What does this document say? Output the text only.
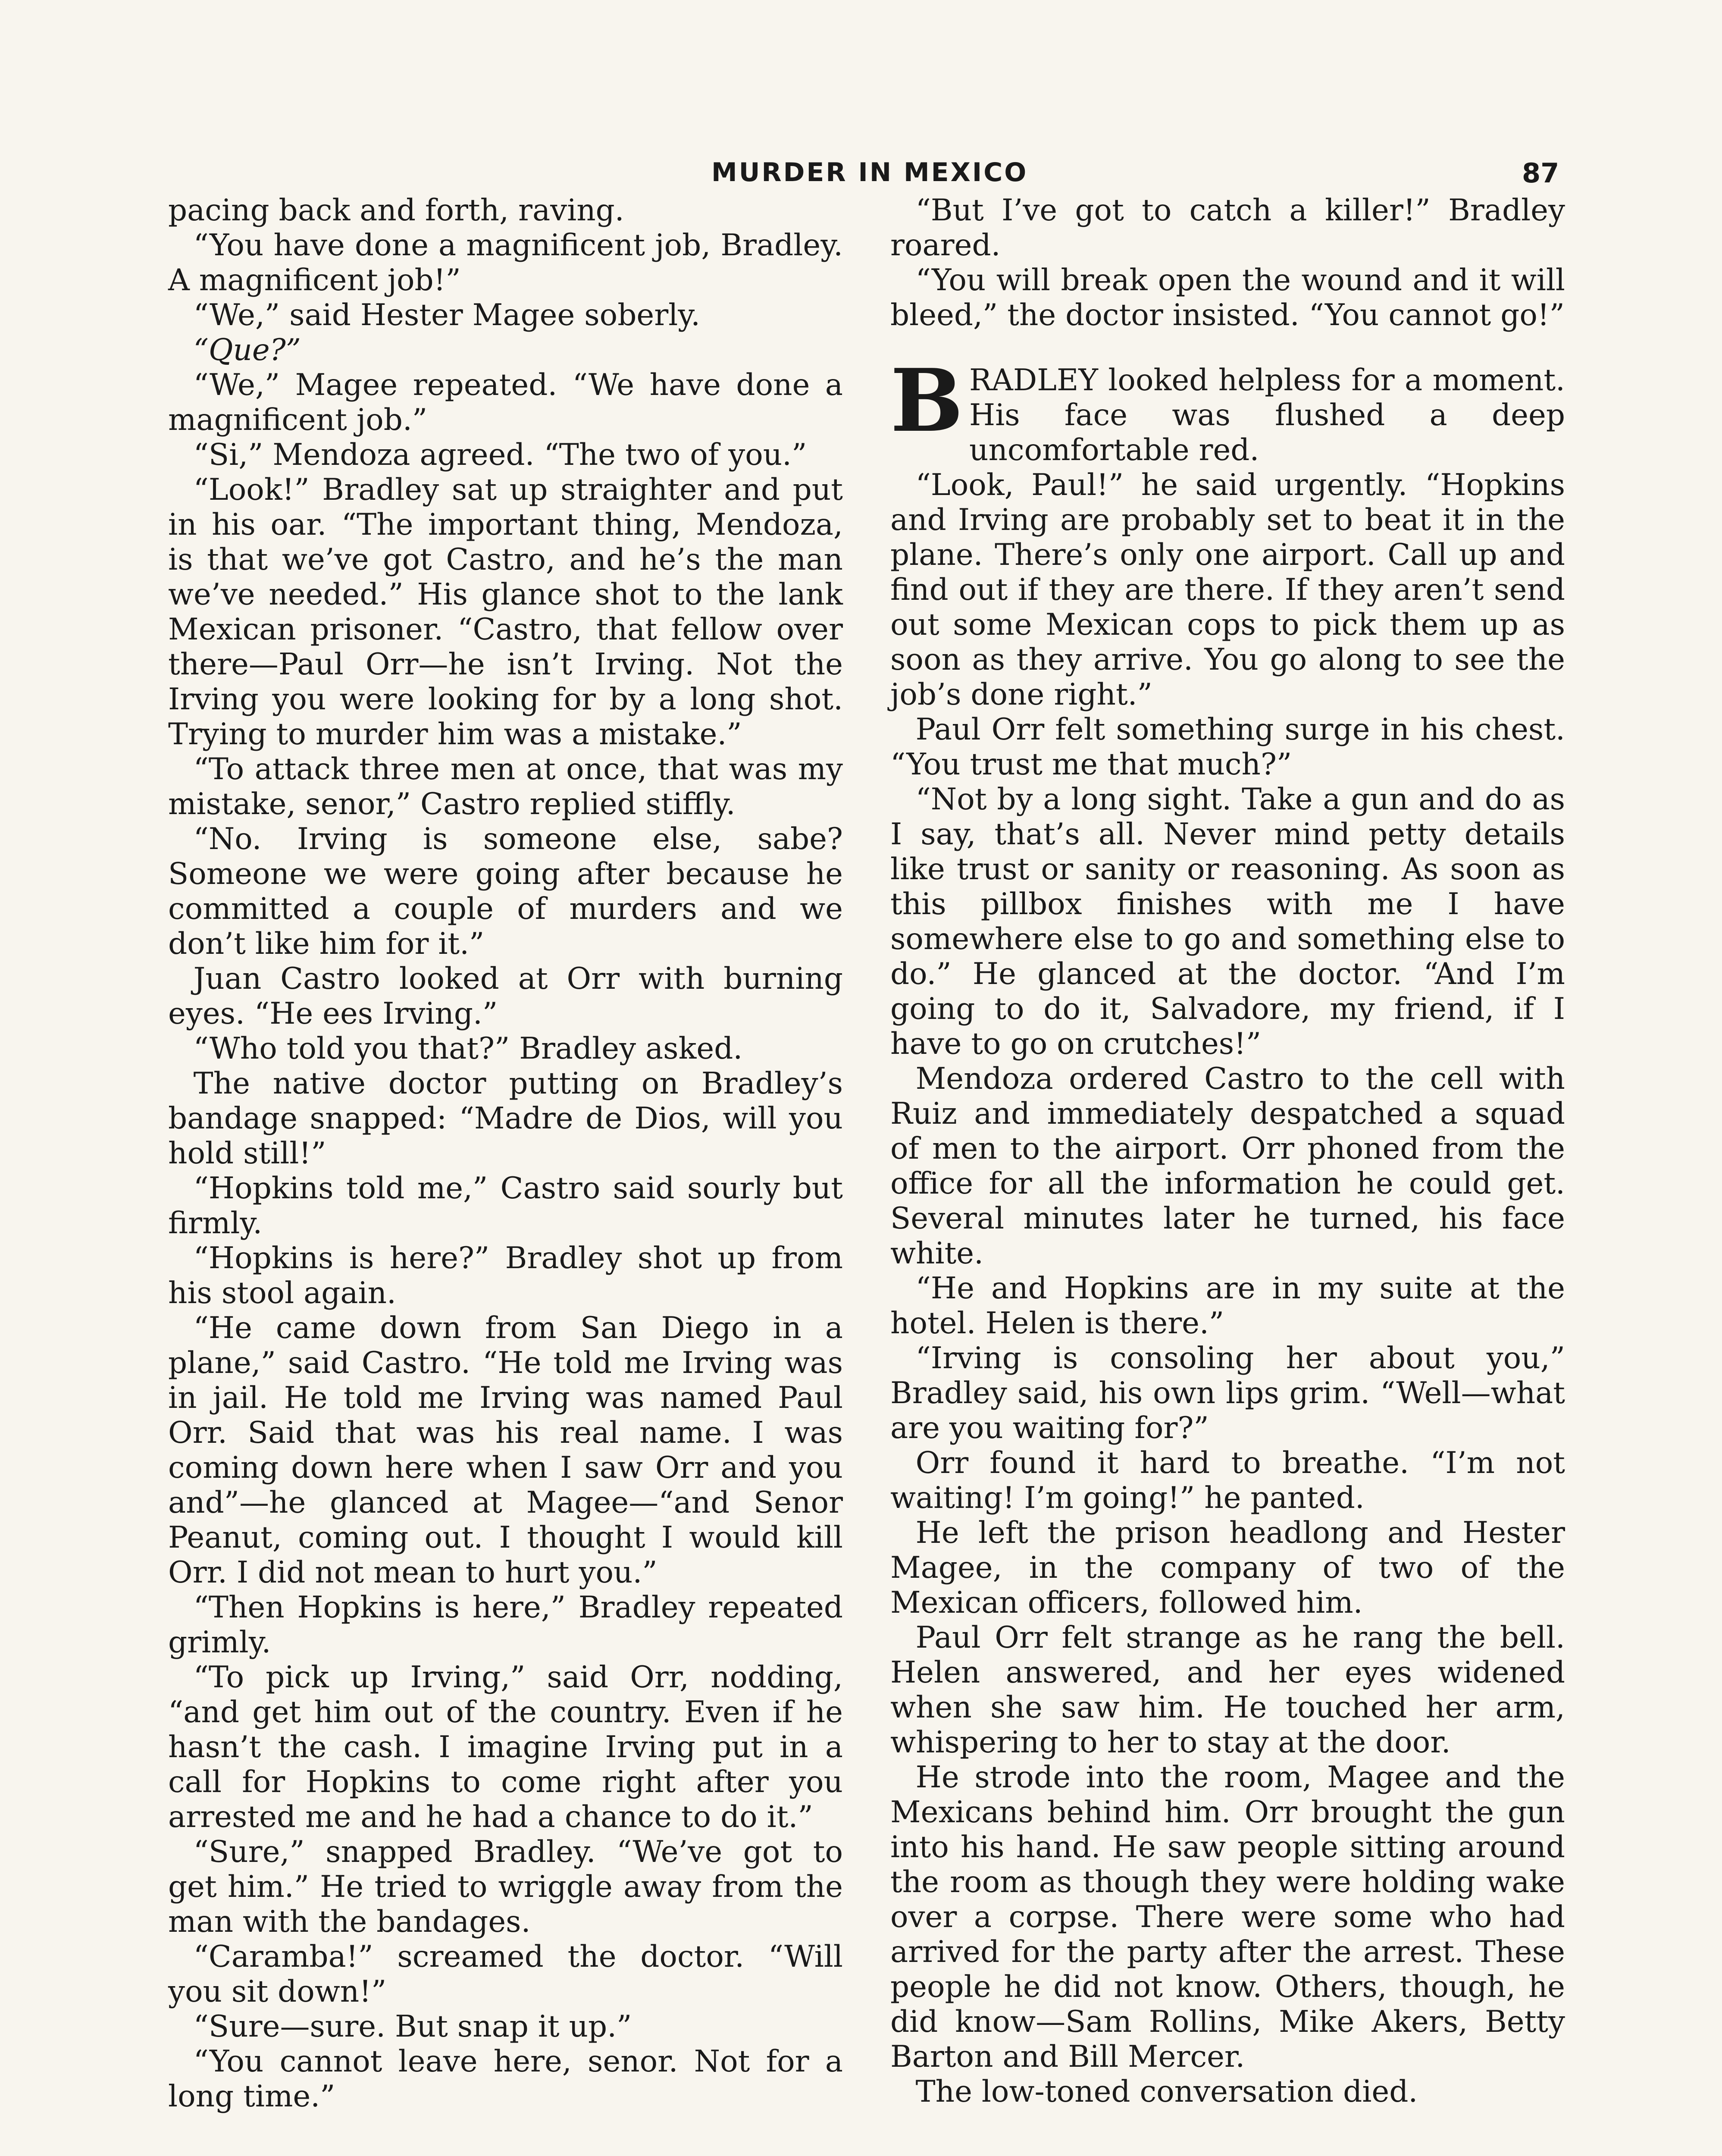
MURDER IN MEXICO	87

pacing back and forth, raving.

“You have done a magnificent job, Bradley. A magnificent job!”

“We,” said Hester Magee soberly.

“Que?”

“We,” Magee repeated. “We have done a magnificent job.”

“Si,” Mendoza agreed. “The two of you.”

“Look!” Bradley sat up straighter and put in his oar. “The important thing, Mendoza, is that we’ve got Castro, and he’s the man we’ve needed.” His glance shot to the lank Mexican prisoner. “Castro, that fellow over there—Paul Orr—he isn’t Irving. Not the Irving you were looking for by a long shot. Trying to murder him was a mistake.”

“To attack three men at once, that was my mistake, senor,” Castro replied stiffly.

“No. Irving is someone else, sabe? Someone we were going after because he committed a couple of murders and we don’t like him for it.”

Juan Castro looked at Orr with burning eyes. “He ees Irving.”

“Who told you that?” Bradley asked.

The native doctor putting on Bradley’s bandage snapped: “Madre de Dios, will you hold still!”

“Hopkins told me,” Castro said sourly but firmly.

“Hopkins is here?” Bradley shot up from his stool again.

“He came down from San Diego in a plane,” said Castro. “He told me Irving was in jail. He told me Irving was named Paul Orr. Said that was his real name. I was coming down here when I saw Orr and you and”—he glanced at Magee—“and Senor Peanut, coming out. I thought I would kill Orr. I did not mean to hurt you.”

“Then Hopkins is here,” Bradley repeated grimly.

“To pick up Irving,” said Orr, nodding, “and get him out of the country. Even if he hasn’t the cash. I imagine Irving put in a call for Hopkins to come right after you arrested me and he had a chance to do it.”

“Sure,” snapped Bradley. “We’ve got to get him.” He tried to wriggle away from the man with the bandages.

“Caramba!” screamed the doctor. “Will you sit down!”

“Sure—sure. But snap it up.”

“You cannot leave here, senor. Not for a long time.”

“But I’ve got to catch a killer!” Bradley roared.

“You will break open the wound and it will bleed,” the doctor insisted. “You cannot go!”

BRADLEY looked helpless for a moment. His face was flushed a deep uncomfortable red.

“Look, Paul!” he said urgently. “Hopkins and Irving are probably set to beat it in the plane. There’s only one airport. Call up and find out if they are there. If they aren’t send out some Mexican cops to pick them up as soon as they arrive. You go along to see the job’s done right.”

Paul Orr felt something surge in his chest. “You trust me that much?”

“Not by a long sight. Take a gun and do as I say, that’s all. Never mind petty details like trust or sanity or reasoning. As soon as this pillbox finishes with me I have somewhere else to go and something else to do.” He glanced at the doctor. “And I’m going to do it, Salvadore, my friend, if I have to go on crutches!”

Mendoza ordered Castro to the cell with Ruiz and immediately despatched a squad of men to the airport. Orr phoned from the office for all the information he could get. Several minutes later he turned, his face white.

“He and Hopkins are in my suite at the hotel. Helen is there.”

“Irving is consoling her about you,” Bradley said, his own lips grim. “Well—what are you waiting for?”

Orr found it hard to breathe. “I’m not waiting! I’m going!” he panted.

He left the prison headlong and Hester Magee, in the company of two of the Mexican officers, followed him.

Paul Orr felt strange as he rang the bell. Helen answered, and her eyes widened when she saw him. He touched her arm, whispering to her to stay at the door.

He strode into the room, Magee and the Mexicans behind him. Orr brought the gun into his hand. He saw people sitting around the room as though they were holding wake over a corpse. There were some who had arrived for the party after the arrest. These people he did not know. Others, though, he did know—Sam Rollins, Mike Akers, Betty Barton and Bill Mercer.

The low-toned conversation died.
